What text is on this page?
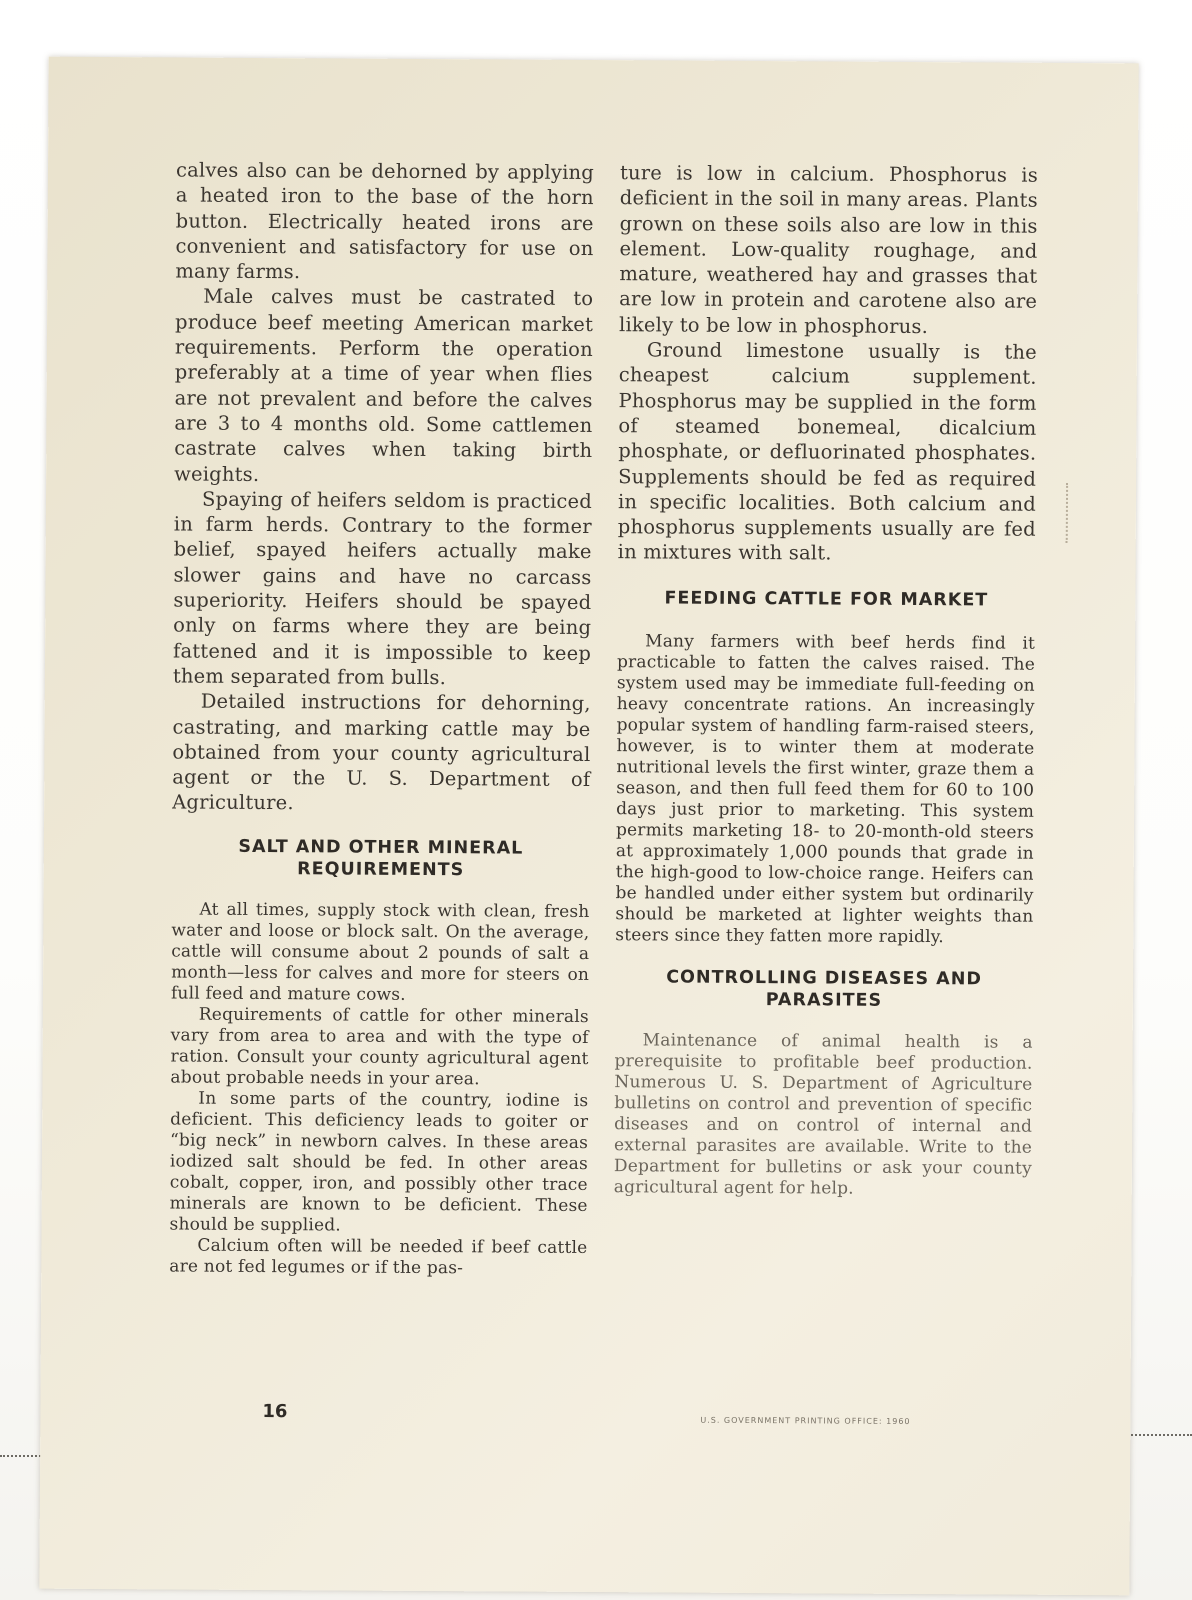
calves also can be dehorned by applying a heated iron to the base of the horn button. Electrically heated irons are convenient and satisfactory for use on many farms.

Male calves must be castrated to produce beef meeting American market requirements. Perform the operation preferably at a time of year when flies are not prevalent and before the calves are 3 to 4 months old. Some cattlemen castrate calves when taking birth weights.

Spaying of heifers seldom is practiced in farm herds. Contrary to the former belief, spayed heifers actually make slower gains and have no carcass superiority. Heifers should be spayed only on farms where they are being fattened and it is impossible to keep them separated from bulls.

Detailed instructions for dehorning, castrating, and marking cattle may be obtained from your county agricultural agent or the U. S. Department of Agriculture.

SALT AND OTHER MINERAL
REQUIREMENTS

At all times, supply stock with clean, fresh water and loose or block salt. On the average, cattle will consume about 2 pounds of salt a month—less for calves and more for steers on full feed and mature cows.

Requirements of cattle for other minerals vary from area to area and with the type of ration. Consult your county agricultural agent about probable needs in your area.

In some parts of the country, iodine is deficient. This deficiency leads to goiter or “big neck” in newborn calves. In these areas iodized salt should be fed. In other areas cobalt, copper, iron, and possibly other trace minerals are known to be deficient. These should be supplied.

Calcium often will be needed if beef cattle are not fed legumes or if the pas-

ture is low in calcium. Phosphorus is deficient in the soil in many areas. Plants grown on these soils also are low in this element. Low-quality roughage, and mature, weathered hay and grasses that are low in protein and carotene also are likely to be low in phosphorus.

Ground limestone usually is the cheapest calcium supplement. Phosphorus may be supplied in the form of steamed bonemeal, dicalcium phosphate, or defluorinated phosphates. Supplements should be fed as required in specific localities. Both calcium and phosphorus supplements usually are fed in mixtures with salt.

FEEDING CATTLE FOR MARKET

Many farmers with beef herds find it practicable to fatten the calves raised. The system used may be immediate full-feeding on heavy concentrate rations. An increasingly popular system of handling farm-raised steers, however, is to winter them at moderate nutritional levels the first winter, graze them a season, and then full feed them for 60 to 100 days just prior to marketing. This system permits marketing 18- to 20-month-old steers at approximately 1,000 pounds that grade in the high-good to low-choice range. Heifers can be handled under either system but ordinarily should be marketed at lighter weights than steers since they fatten more rapidly.

CONTROLLING DISEASES AND
PARASITES

Maintenance of animal health is a prerequisite to profitable beef production. Numerous U. S. Department of Agriculture bulletins on control and prevention of specific diseases and on control of internal and external parasites are available. Write to the Department for bulletins or ask your county agricultural agent for help.

16	U.S. GOVERNMENT PRINTING OFFICE: 1960
